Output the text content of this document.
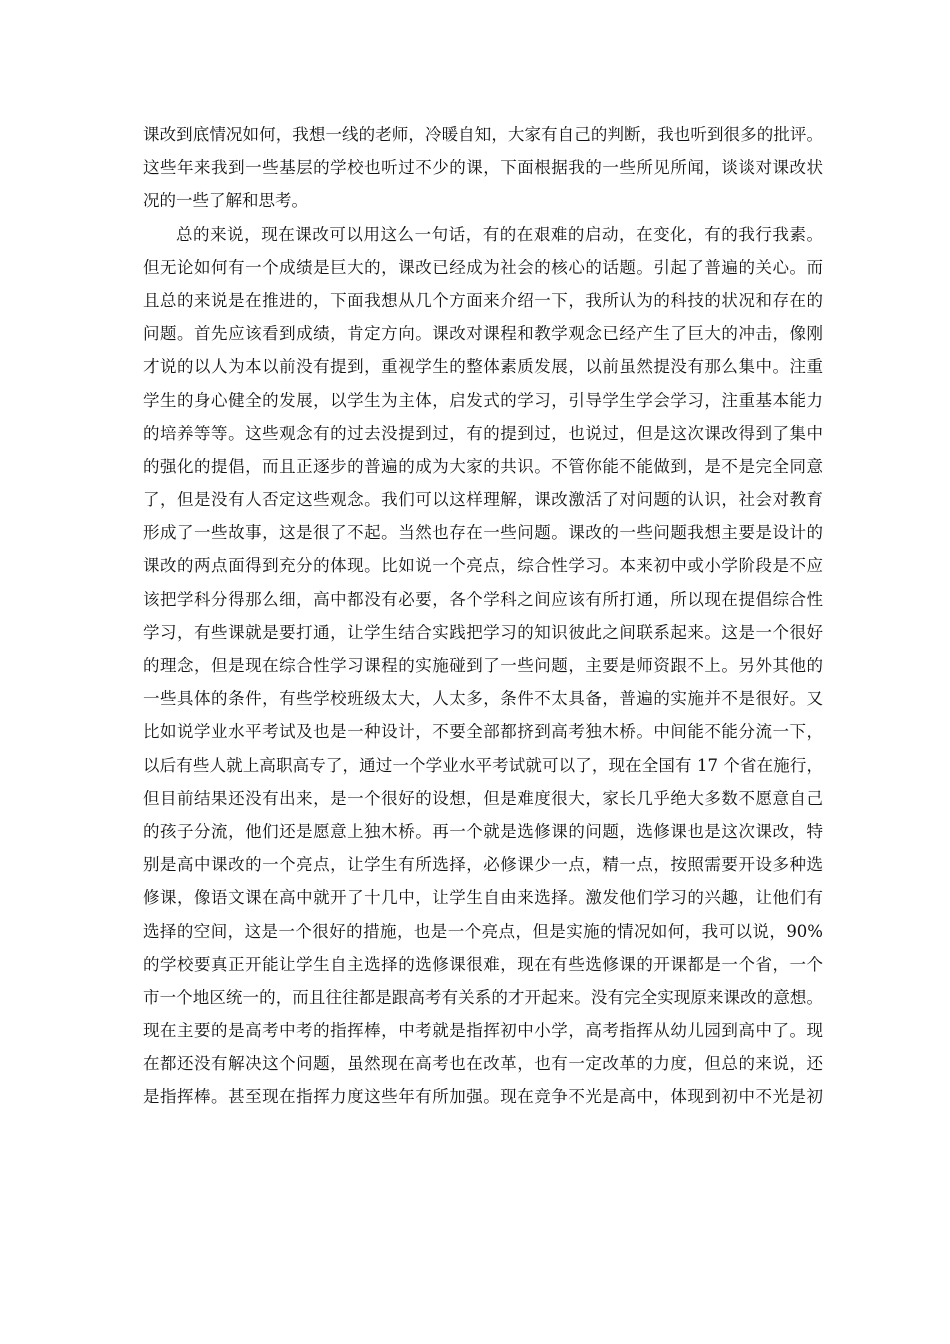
课改到底情况如何，我想一线的老师，冷暖自知，大家有自己的判断，我也听到很多的批评。
这些年来我到一些基层的学校也听过不少的课，下面根据我的一些所见所闻，谈谈对课改状
况的一些了解和思考。
总的来说，现在课改可以用这么一句话，有的在艰难的启动，在变化，有的我行我素。
但无论如何有一个成绩是巨大的，课改已经成为社会的核心的话题。引起了普遍的关心。而
且总的来说是在推进的，下面我想从几个方面来介绍一下，我所认为的科技的状况和存在的
问题。首先应该看到成绩，肯定方向。课改对课程和教学观念已经产生了巨大的冲击，像刚
才说的以人为本以前没有提到，重视学生的整体素质发展，以前虽然提没有那么集中。注重
学生的身心健全的发展，以学生为主体，启发式的学习，引导学生学会学习，注重基本能力
的培养等等。这些观念有的过去没提到过，有的提到过，也说过，但是这次课改得到了集中
的强化的提倡，而且正逐步的普遍的成为大家的共识。不管你能不能做到，是不是完全同意
了，但是没有人否定这些观念。我们可以这样理解，课改激活了对问题的认识，社会对教育
形成了一些故事，这是很了不起。当然也存在一些问题。课改的一些问题我想主要是设计的
课改的两点面得到充分的体现。比如说一个亮点，综合性学习。本来初中或小学阶段是不应
该把学科分得那么细，高中都没有必要，各个学科之间应该有所打通，所以现在提倡综合性
学习，有些课就是要打通，让学生结合实践把学习的知识彼此之间联系起来。这是一个很好
的理念，但是现在综合性学习课程的实施碰到了一些问题，主要是师资跟不上。另外其他的
一些具体的条件，有些学校班级太大，人太多，条件不太具备，普遍的实施并不是很好。又
比如说学业水平考试及也是一种设计，不要全部都挤到高考独木桥。中间能不能分流一下，
以后有些人就上高职高专了，通过一个学业水平考试就可以了，现在全国有 17 个省在施行，
但目前结果还没有出来，是一个很好的设想，但是难度很大，家长几乎绝大多数不愿意自己
的孩子分流，他们还是愿意上独木桥。再一个就是选修课的问题，选修课也是这次课改，特
别是高中课改的一个亮点，让学生有所选择，必修课少一点，精一点，按照需要开设多种选
修课，像语文课在高中就开了十几中，让学生自由来选择。激发他们学习的兴趣，让他们有
选择的空间，这是一个很好的措施，也是一个亮点，但是实施的情况如何，我可以说，90%
的学校要真正开能让学生自主选择的选修课很难，现在有些选修课的开课都是一个省，一个
市一个地区统一的，而且往往都是跟高考有关系的才开起来。没有完全实现原来课改的意想。
现在主要的是高考中考的指挥棒，中考就是指挥初中小学，高考指挥从幼儿园到高中了。现
在都还没有解决这个问题，虽然现在高考也在改革，也有一定改革的力度，但总的来说，还
是指挥棒。甚至现在指挥力度这些年有所加强。现在竞争不光是高中，体现到初中不光是初
